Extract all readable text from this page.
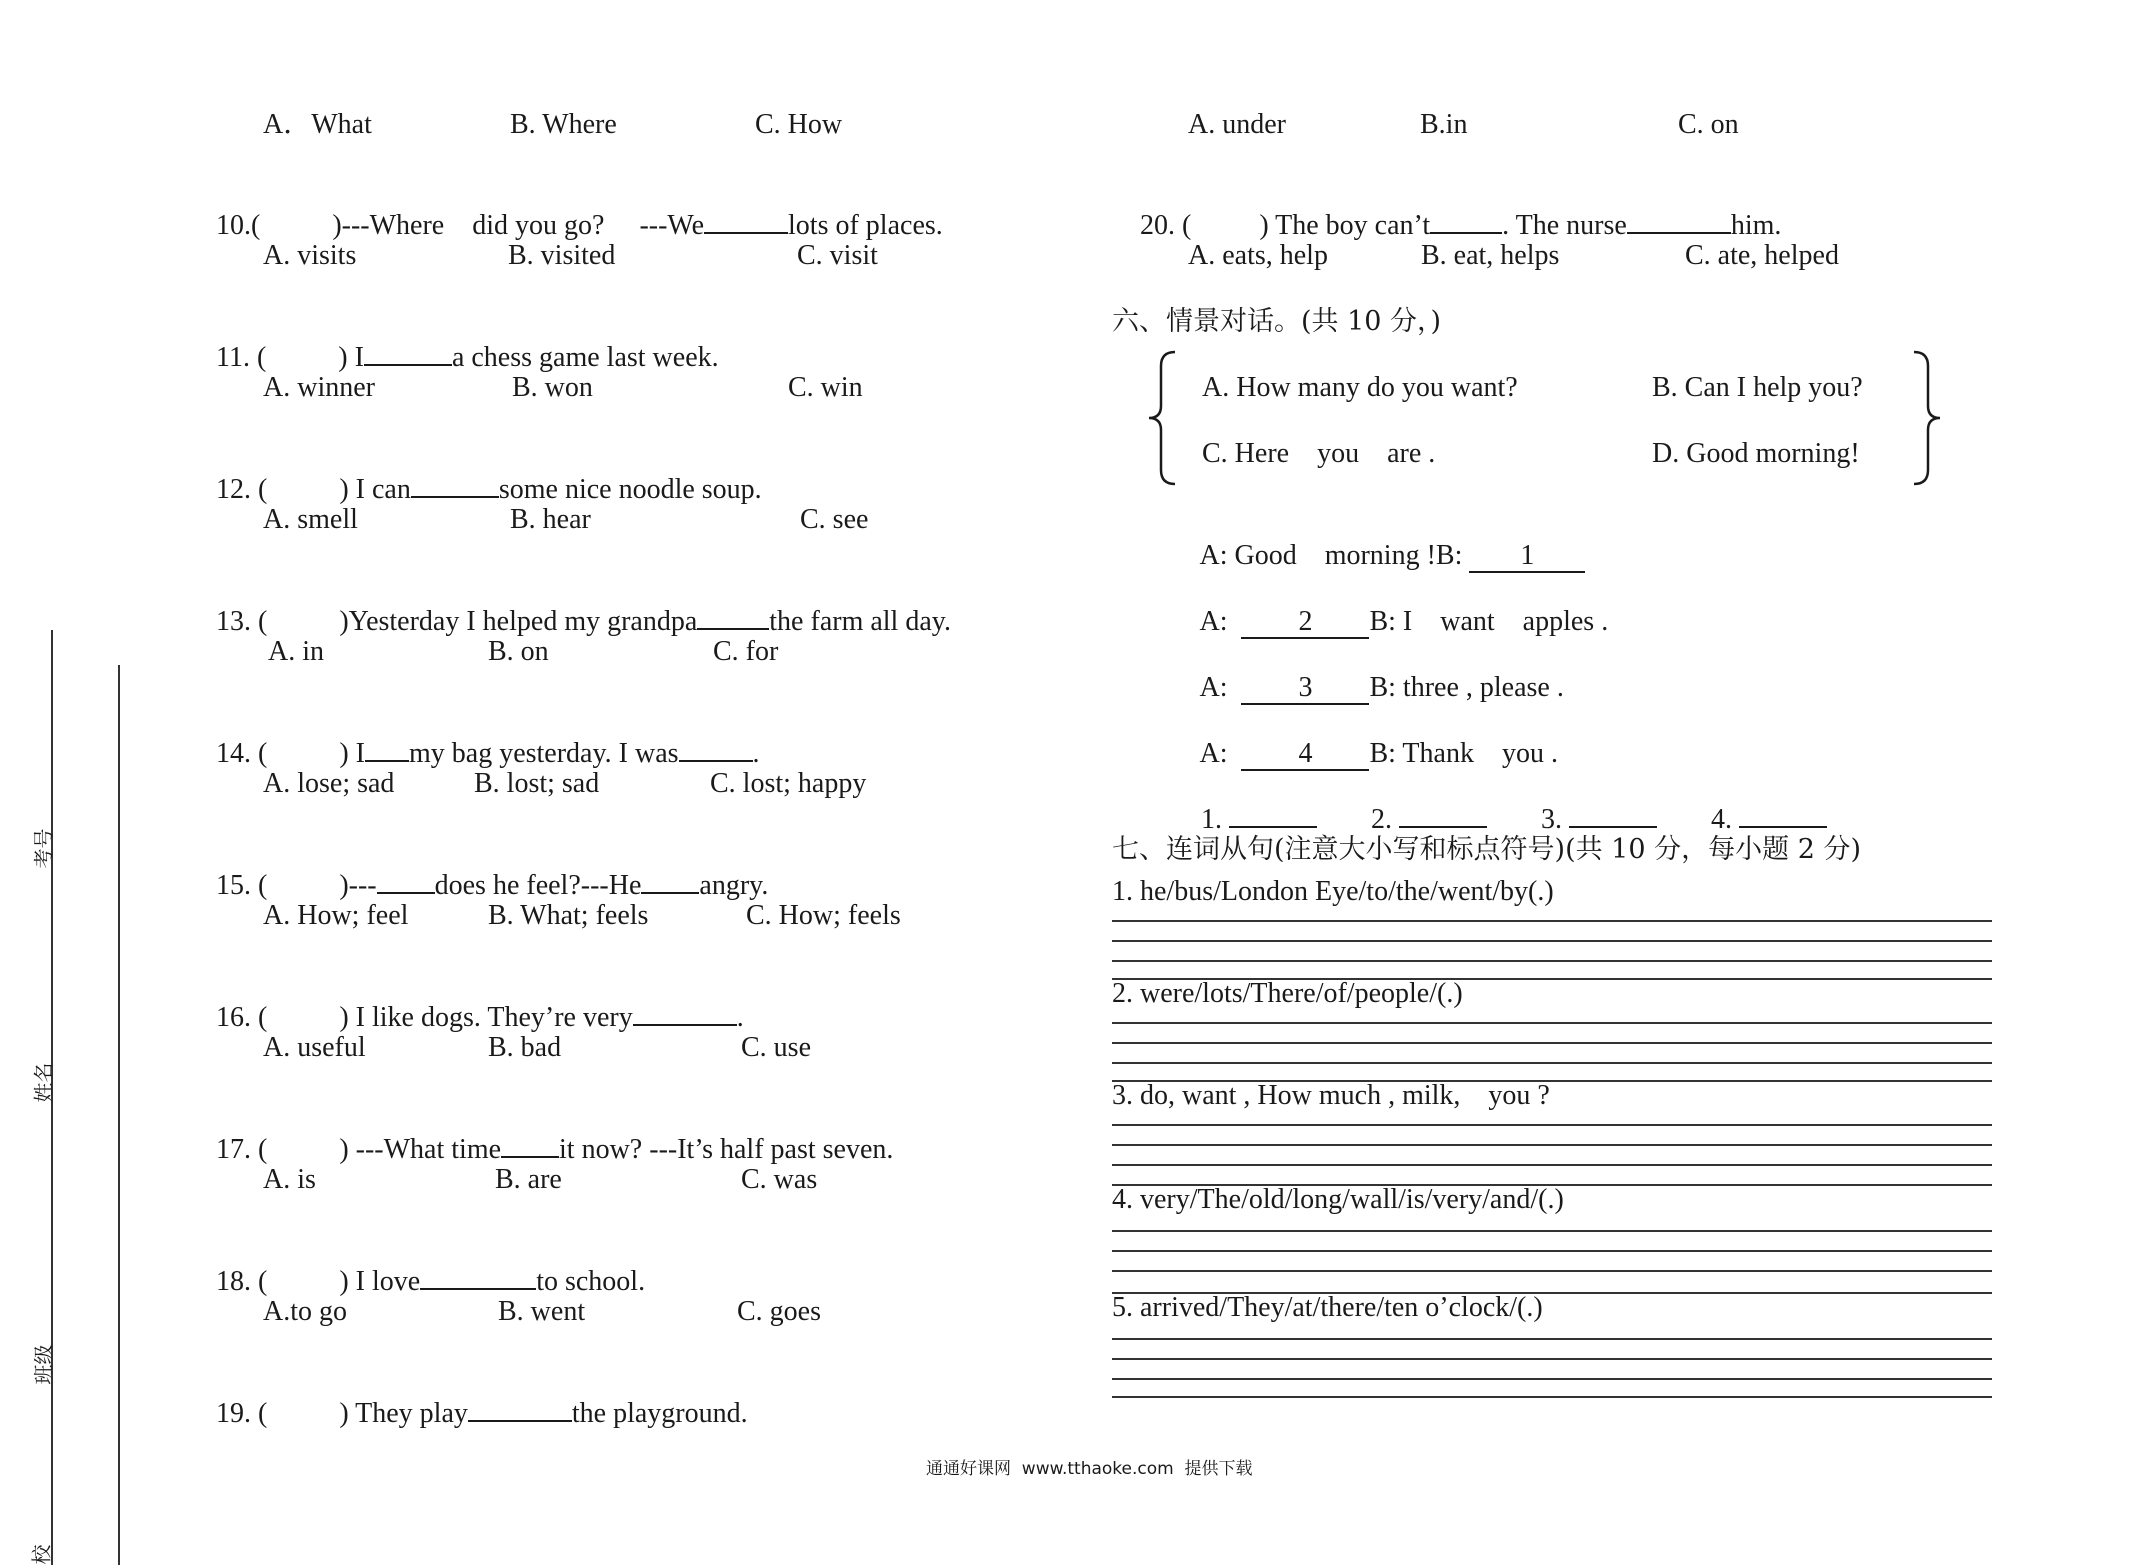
考号
姓名
班级
校
A．What	B. Where	C. How

10.(	)---Where    did you go?     ---We	lots of places.

A. visits	B. visited	C. visit

11. (	) I	a chess game last week.

A. winner	B. won	C. win

12. (	) I can	some nice noodle soup.

A. smell	B. hear	C. see

13. (	)Yesterday I helped my grandpa	the farm all day.

A. in	B. on	C. for

14. (	) I my bag yesterday. I was	.

A. lose; sad	B. lost; sad	C. lost; happy

15. (	)--- does he feel?---He angry.

A. How; feel	B. What; feels	C. How; feels

16. (	) I like dogs. They’re very	.

A. useful	B. bad	C. use

17. (	) ---What time it now? ---It’s half past seven.

A. is	B. are	C. was

18. (	) I love	to school.

A.to go	B. went	C. goes

19. (	) They play	the playground.

A. under	B.in	C. on

20. ( ) The boy can’t	. The nurse	him.

A. eats, help	B. eat, helps	C. ate, helped
六、情景对话。(共 10 分，)
A. How many do you want?	B. Can I help you?
C. Here    you    are .	D. Good morning!

A: Good    morning !B: 1

A:	2 B: I    want    apples .

A:	3 B: three , please .

A:	4 B: Thank    you .

1.	2.	3.	4.

七、连词从句(注意大小写和标点符号)(共 10 分，每小题 2 分)
1. he/bus/London Eye/to/the/went/by(.)
2. were/lots/There/of/people/(.)
3. do, want , How much , milk,    you ?
4. very/The/old/long/wall/is/very/and/(.)
5. arrived/They/at/there/ten o’clock/(.)
通通好课网  www.tthaoke.com  提供下载
